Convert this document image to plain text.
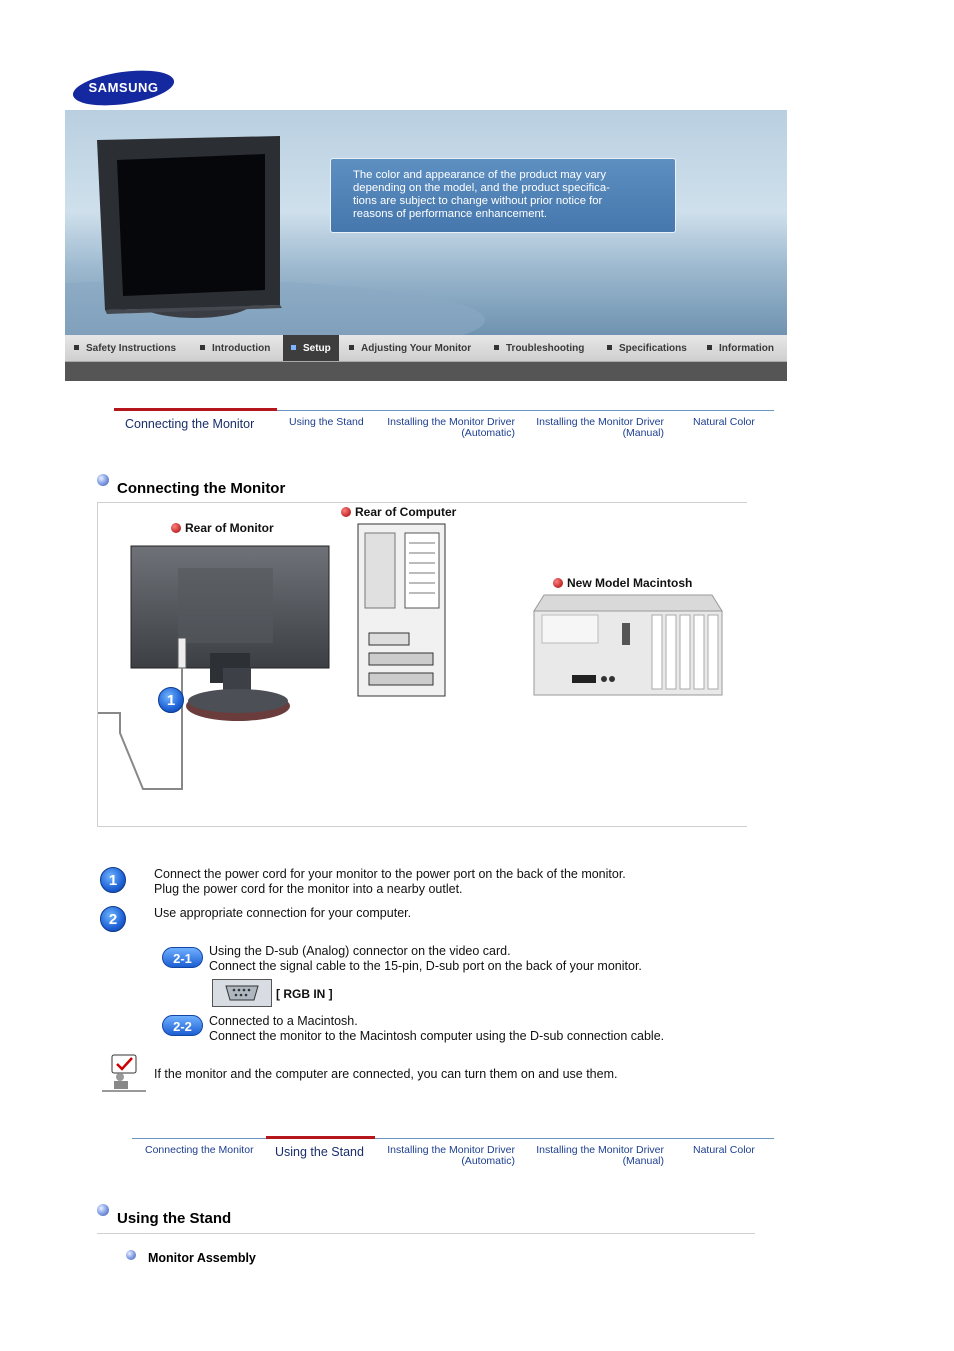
SAMSUNG
The color and appearance of the product may vary
depending on the model, and the product specifica-
tions are subject to change without prior notice for
reasons of performance enhancement.
Safety Instructions	Introduction	Setup	Adjusting Your Monitor	Troubleshooting	Specifications	Information
Connecting the Monitor	Using the Stand Installing the Monitor Driver
(Automatic)
Installing the Monitor Driver
(Manual)
Natural Color
Connecting the Monitor
Rear of Monitor
Rear of Computer
New Model Macintosh
1
1	Connect the power cord for your monitor to the power port on the back of the monitor.
Plug the power cord for the monitor into a nearby outlet.
2	Use appropriate connection for your computer.
2-1	Using the D-sub (Analog) connector on the video card.
Connect the signal cable to the 15-pin, D-sub port on the back of your monitor.
[ RGB IN ]
2-2	Connected to a Macintosh.
Connect the monitor to the Macintosh computer using the D-sub connection cable.
If the monitor and the computer are connected, you can turn them on and use them.
Connecting the Monitor Using the Stand Installing the Monitor Driver
(Automatic)
Installing the Monitor Driver
(Manual)
Natural Color
Using the Stand
Monitor Assembly
